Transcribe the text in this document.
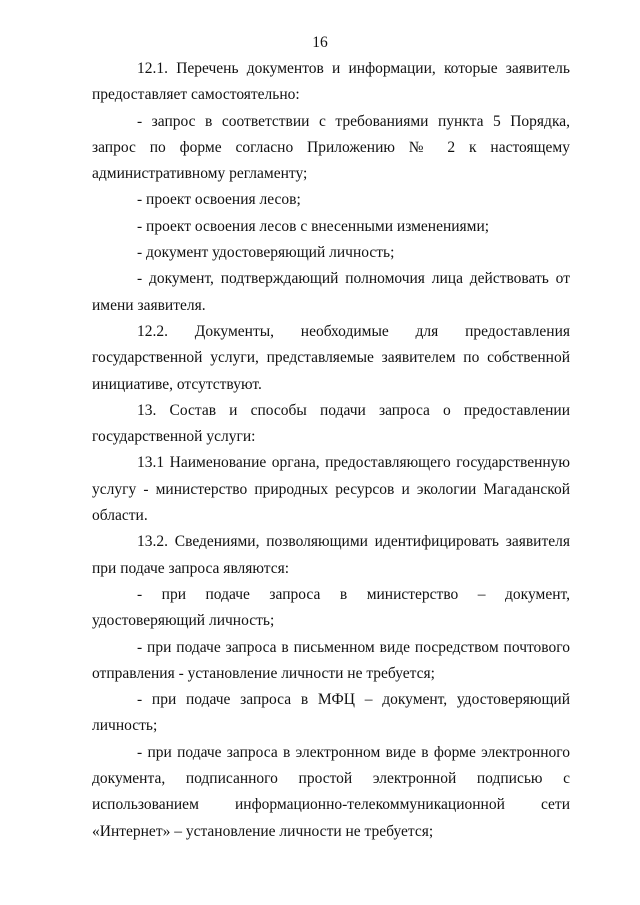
16

12.1. Перечень документов и информации, которые заявитель предоставляет самостоятельно:

- запрос в соответствии с требованиями пункта 5 Порядка, запрос по форме согласно Приложению № 2 к настоящему административному регламенту;

- проект освоения лесов;

- проект освоения лесов с внесенными изменениями;

- документ удостоверяющий личность;

- документ, подтверждающий полномочия лица действовать от имени заявителя.

12.2. Документы, необходимые для предоставления государственной услуги, представляемые заявителем по собственной инициативе, отсутствуют.

13. Состав и способы подачи запроса о предоставлении государственной услуги:

13.1 Наименование органа, предоставляющего государственную услугу - министерство природных ресурсов и экологии Магаданской области.

13.2. Сведениями, позволяющими идентифицировать заявителя при подаче запроса являются:

- при подаче запроса в министерство – документ, удостоверяющий личность;

- при подаче запроса в письменном виде посредством почтового отправления - установление личности не требуется;

- при подаче запроса в МФЦ – документ, удостоверяющий личность;

- при подаче запроса в электронном виде в форме электронного документа, подписанного простой электронной подписью с использованием информационно-телекоммуникационной сети «Интернет» – установление личности не требуется;
